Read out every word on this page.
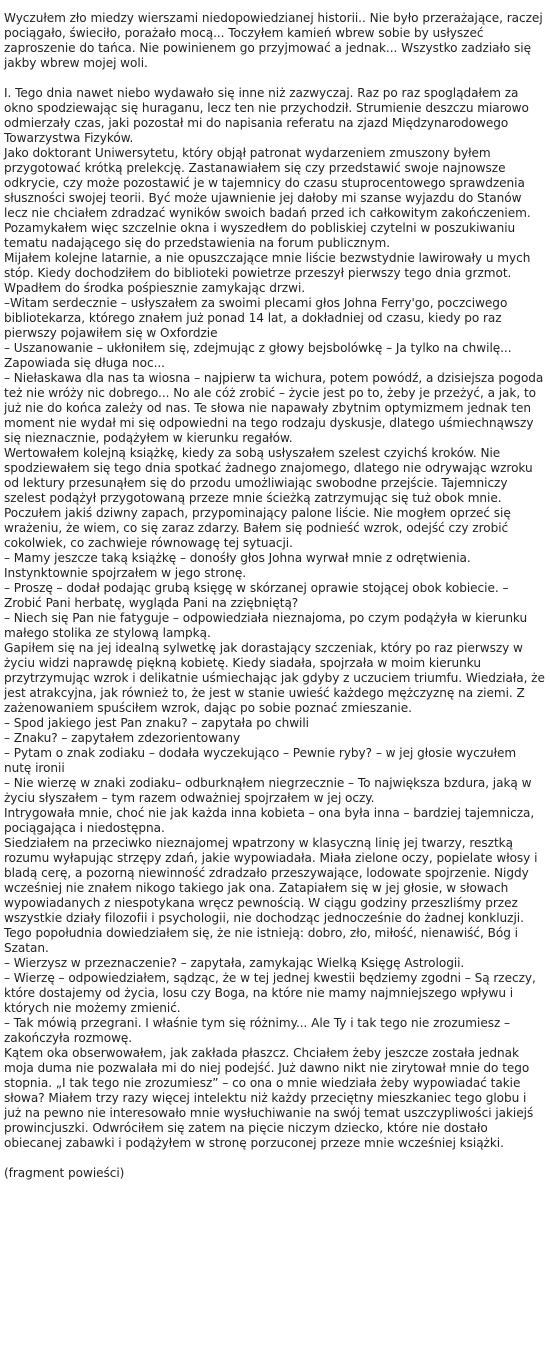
Wyczułem zło miedzy wierszami niedopowiedzianej historii.. Nie było przerażające, raczej pociągało, świeciło, porażało mocą... Toczyłem kamień wbrew sobie by usłyszeć zaproszenie do tańca. Nie powinienem go przyjmować a jednak... Wszystko zadziało się jakby wbrew mojej woli.

I. Tego dnia nawet niebo wydawało się inne niż zazwyczaj. Raz po raz spoglądałem za okno spodziewając się huraganu, lecz ten nie przychodził. Strumienie deszczu miarowo odmierzały czas, jaki pozostał mi do napisania referatu na zjazd Międzynarodowego Towarzystwa Fizyków.

Jako doktorant Uniwersytetu, który objął patronat wydarzeniem zmuszony byłem przygotować krótką prelekcję. Zastanawiałem się czy przedstawić swoje najnowsze odkrycie, czy może pozostawić je w tajemnicy do czasu stuprocentowego sprawdzenia słuszności swojej teorii. Być może ujawnienie jej dałoby mi szanse wyjazdu do Stanów lecz nie chciałem zdradzać wyników swoich badań przed ich całkowitym zakończeniem. Pozamykałem więc szczelnie okna i wyszedłem do pobliskiej czytelni w poszukiwaniu tematu nadającego się do przedstawienia na forum publicznym.

Mijałem kolejne latarnie, a nie opuszczające mnie liście bezwstydnie lawirowały u mych stóp. Kiedy dochodziłem do biblioteki powietrze przeszył pierwszy tego dnia grzmot. Wpadłem do środka pośpiesznie zamykając drzwi.

–Witam serdecznie – usłyszałem za swoimi plecami głos Johna Ferry'go, poczciwego bibliotekarza, którego znałem już ponad 14 lat, a dokładniej od czasu, kiedy po raz pierwszy pojawiłem się w Oxfordzie

– Uszanowanie – ukłoniłem się, zdejmując z głowy bejsbolówkę – Ja tylko na chwilę... Zapowiada się długa noc...

– Niełaskawa dla nas ta wiosna – najpierw ta wichura, potem powódź, a dzisiejsza pogoda też nie wróży nic dobrego... No ale cóż zrobić – życie jest po to, żeby je przeżyć, a jak, to już nie do końca zależy od nas. Te słowa nie napawały zbytnim optymizmem jednak ten moment nie wydał mi się odpowiedni na tego rodzaju dyskusje, dlatego uśmiechnąwszy się nieznacznie, podążyłem w kierunku regałów.

Wertowałem kolejną książkę, kiedy za sobą usłyszałem szelest czyichś kroków. Nie spodziewałem się tego dnia spotkać żadnego znajomego, dlatego nie odrywając wzroku od lektury przesunąłem się do przodu umożliwiając swobodne przejście. Tajemniczy szelest podążył przygotowaną przeze mnie ścieżką zatrzymując się tuż obok mnie. Poczułem jakiś dziwny zapach, przypominający palone liście. Nie mogłem oprzeć się wrażeniu, że wiem, co się zaraz zdarzy. Bałem się podnieść wzrok, odejść czy zrobić cokolwiek, co zachwieje równowagę tej sytuacji.

– Mamy jeszcze taką książkę – donośły głos Johna wyrwał mnie z odrętwienia. Instynktownie spojrzałem w jego stronę.

– Proszę – dodał podając grubą księgę w skórzanej oprawie stojącej obok kobiecie. – Zrobić Pani herbatę, wygląda Pani na zziębniętą?

– Niech się Pan nie fatyguje – odpowiedziała nieznajoma, po czym podążyła w kierunku małego stolika ze stylową lampką.

Gapiłem się na jej idealną sylwetkę jak dorastający szczeniak, który po raz pierwszy w życiu widzi naprawdę piękną kobietę. Kiedy siadała, spojrzała w moim kierunku przytrzymując wzrok i delikatnie uśmiechając jak gdyby z uczuciem triumfu. Wiedziała, że jest atrakcyjna, jak również to, że jest w stanie uwieść każdego mężczyznę na ziemi. Z zażenowaniem spuściłem wzrok, dając po sobie poznać zmieszanie.

– Spod jakiego jest Pan znaku? – zapytała po chwili

– Znaku? – zapytałem zdezorientowany

– Pytam o znak zodiaku – dodała wyczekująco – Pewnie ryby? – w jej głosie wyczułem nutę ironii

– Nie wierzę w znaki zodiaku– odburknąłem niegrzecznie – To największa bzdura, jaką w życiu słyszałem – tym razem odważniej spojrzałem w jej oczy.

Intrygowała mnie, choć nie jak każda inna kobieta – ona była inna – bardziej tajemnicza, pociągająca i niedostępna.

Siedziałem na przeciwko nieznajomej wpatrzony w klasyczną linię jej twarzy, resztką rozumu wyłapując strzępy zdań, jakie wypowiadała. Miała zielone oczy, popielate włosy i bladą cerę, a pozorną niewinność zdradzało przeszywające, lodowate spojrzenie. Nigdy wcześniej nie znałem nikogo takiego jak ona. Zatapiałem się w jej głosie, w słowach wypowiadanych z niespotykana wręcz pewnością. W ciągu godziny przeszliśmy przez wszystkie działy filozofii i psychologii, nie dochodząc jednocześnie do żadnej konkluzji. Tego popołudnia dowiedziałem się, że nie istnieją: dobro, zło, miłość, nienawiść, Bóg i Szatan.

– Wierzysz w przeznaczenie? – zapytała, zamykając Wielką Księgę Astrologii.

– Wierzę – odpowiedziałem, sądząc, że w tej jednej kwestii będziemy zgodni – Są rzeczy, które dostajemy od życia, losu czy Boga, na które nie mamy najmniejszego wpływu i których nie możemy zmienić.

– Tak mówią przegrani. I właśnie tym się różnimy... Ale Ty i tak tego nie zrozumiesz – zakończyła rozmowę.

Kątem oka obserwowałem, jak zakłada płaszcz. Chciałem żeby jeszcze została jednak moja duma nie pozwalała mi do niej podejść. Już dawno nikt nie zirytował mnie do tego stopnia. „I tak tego nie zrozumiesz” – co ona o mnie wiedziała żeby wypowiadać takie słowa? Miałem trzy razy więcej intelektu niż każdy przeciętny mieszkaniec tego globu i już na pewno nie interesowało mnie wysłuchiwanie na swój temat uszczypliwości jakiejś prowincjuszki. Odwróciłem się zatem na pięcie niczym dziecko, które nie dostało obiecanej zabawki i podążyłem w stronę porzuconej przeze mnie wcześniej książki.

(fragment powieści)
